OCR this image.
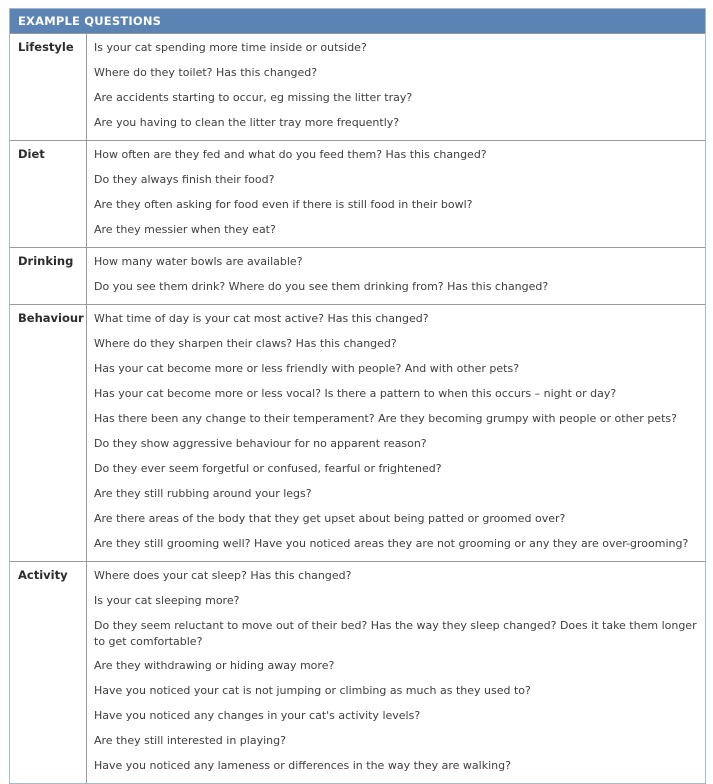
EXAMPLE QUESTIONS
Lifestyle	Is your cat spending more time inside or outside?
Where do they toilet? Has this changed?
Are accidents starting to occur, eg missing the litter tray?
Are you having to clean the litter tray more frequently?
Diet	How often are they fed and what do you feed them? Has this changed?
Do they always finish their food?
Are they often asking for food even if there is still food in their bowl?
Are they messier when they eat?
Drinking	How many water bowls are available?
Do you see them drink? Where do you see them drinking from? Has this changed?
Behaviour What time of day is your cat most active? Has this changed?
Where do they sharpen their claws? Has this changed?
Has your cat become more or less friendly with people? And with other pets?
Has your cat become more or less vocal? Is there a pattern to when this occurs – night or day?
Has there been any change to their temperament? Are they becoming grumpy with people or other pets?
Do they show aggressive behaviour for no apparent reason?
Do they ever seem forgetful or confused, fearful or frightened?
Are they still rubbing around your legs?
Are there areas of the body that they get upset about being patted or groomed over?
Are they still grooming well? Have you noticed areas they are not grooming or any they are over-grooming?
Activity	Where does your cat sleep? Has this changed?
Is your cat sleeping more?
Do they seem reluctant to move out of their bed? Has the way they sleep changed? Does it take them longer to get comfortable?
Are they withdrawing or hiding away more?
Have you noticed your cat is not jumping or climbing as much as they used to?
Have you noticed any changes in your cat's activity levels?
Are they still interested in playing?
Have you noticed any lameness or differences in the way they are walking?
